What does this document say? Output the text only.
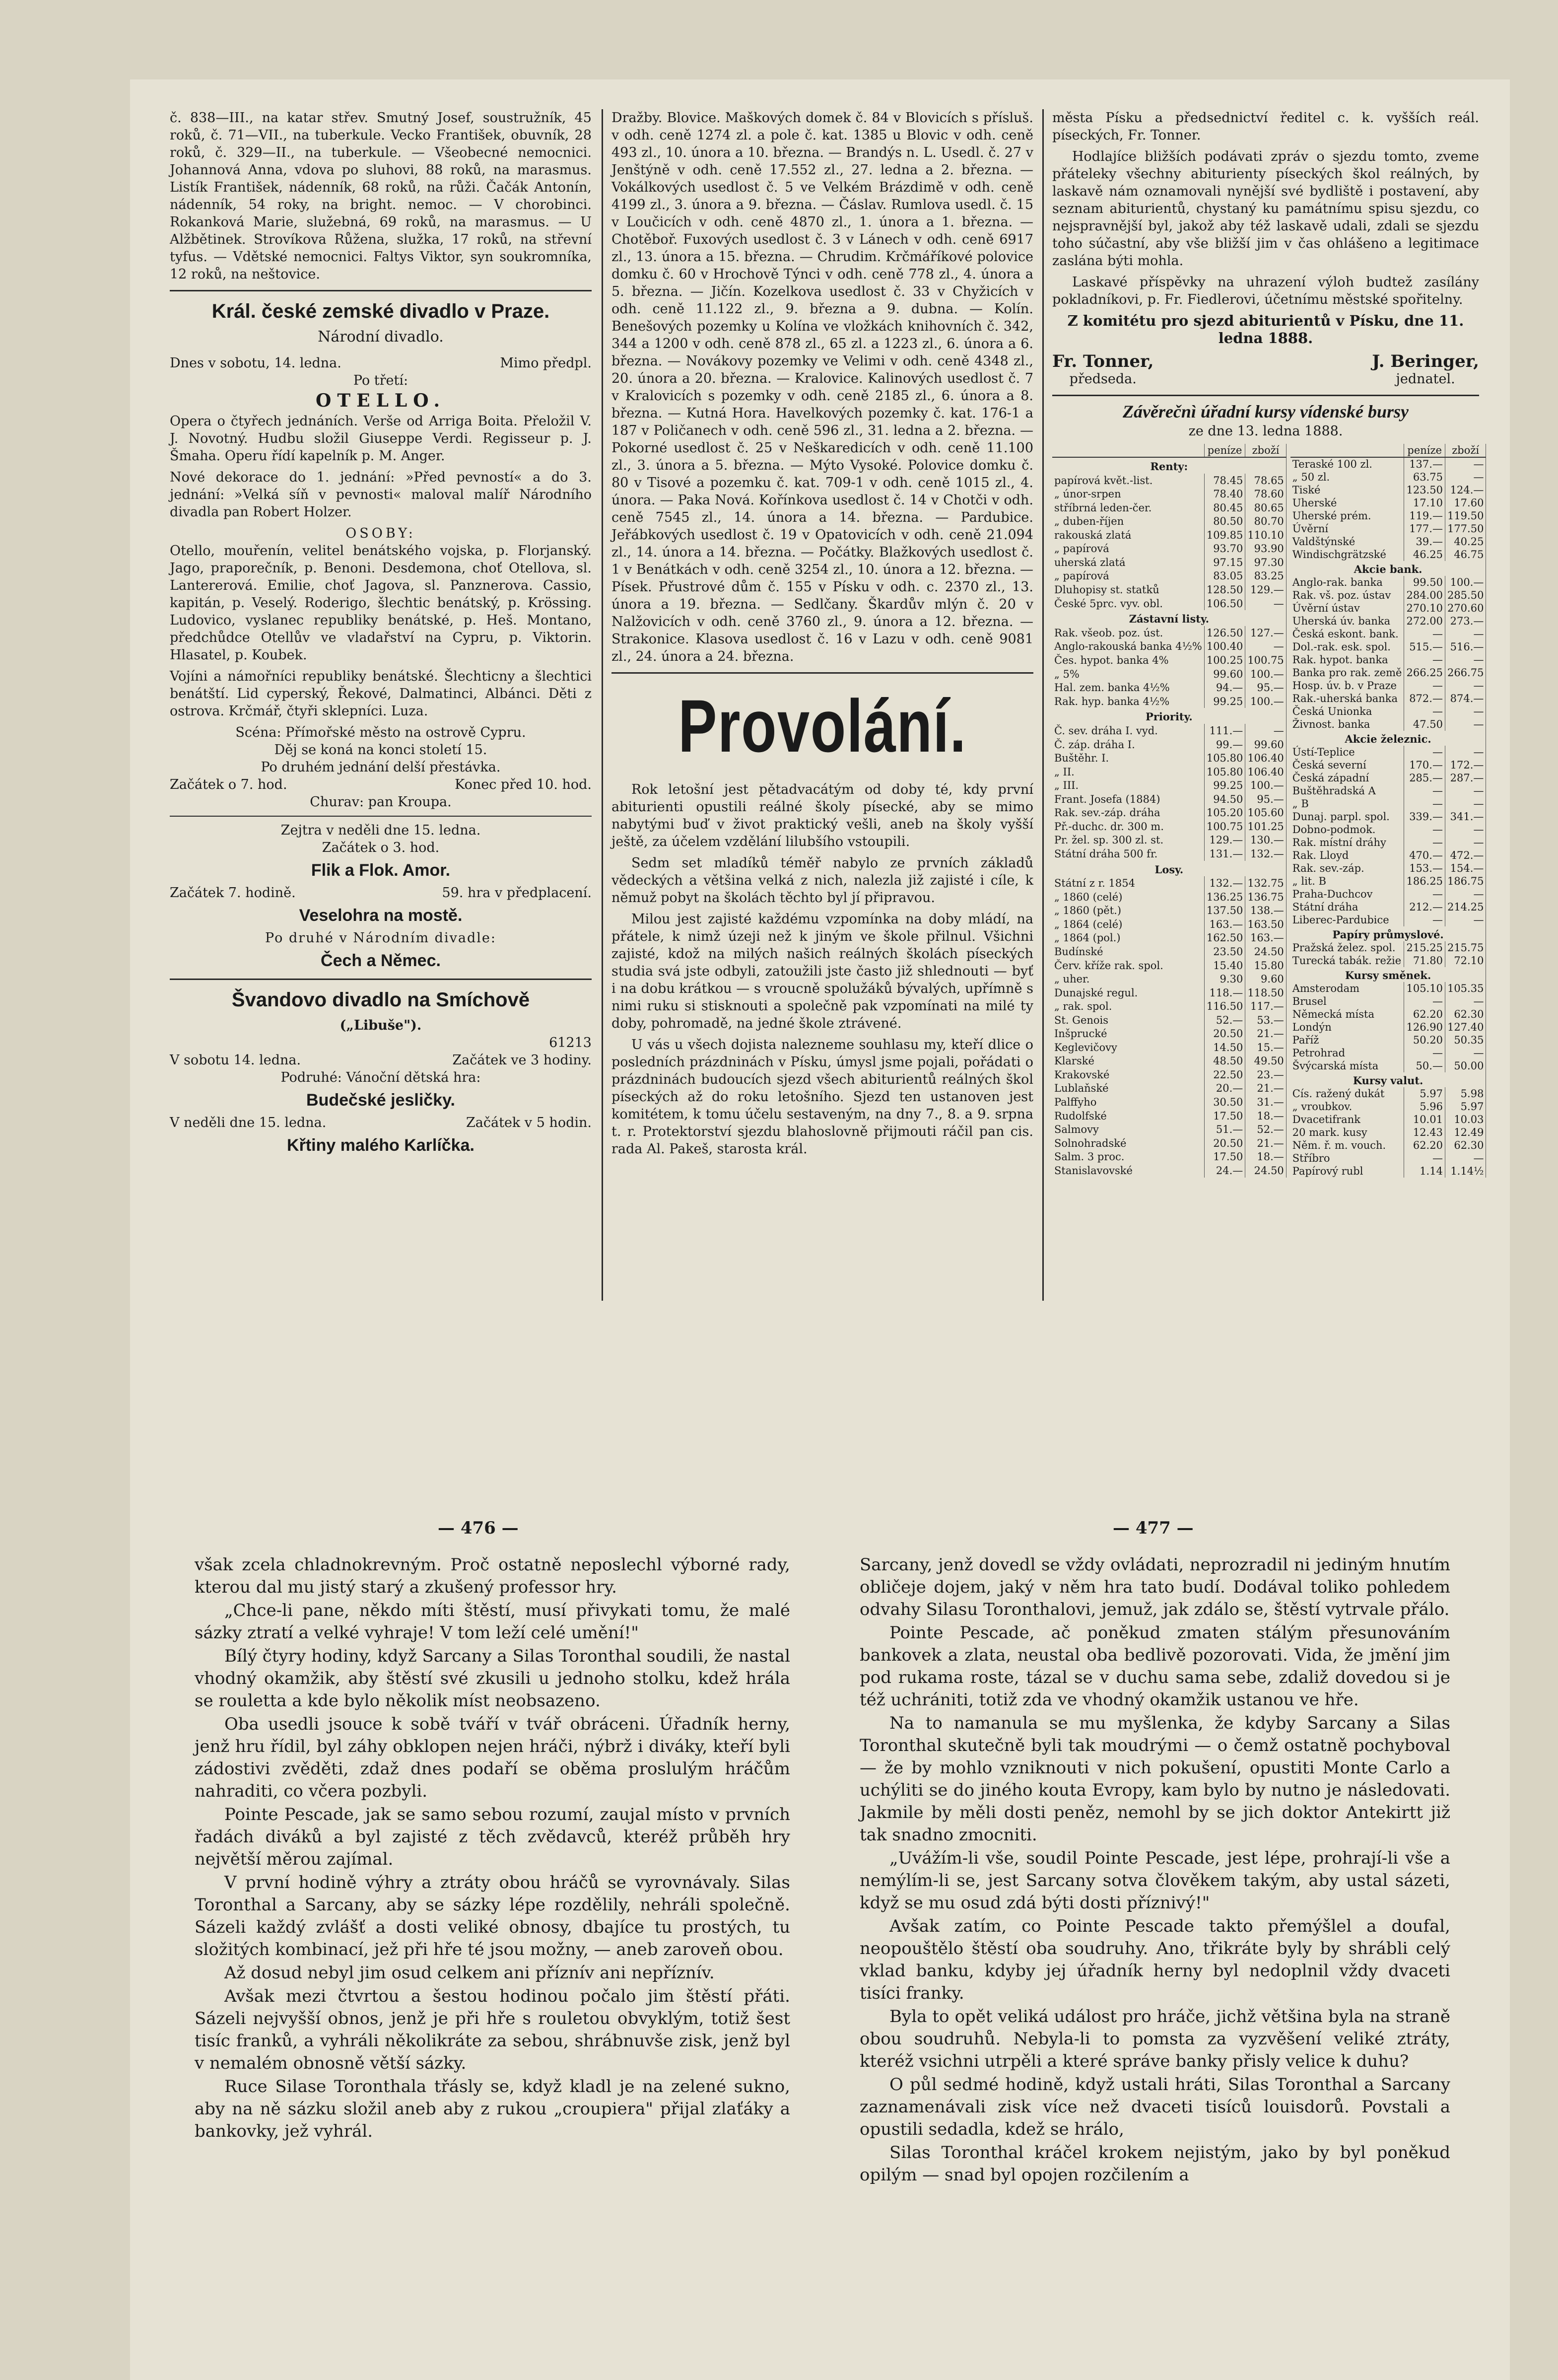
č. 838—III., na katar střev. Smutný Josef, soustružník, 45 roků, č. 71—VII., na tuberkule. Vecko František, obuvník, 28 roků, č. 329—II., na tuberkule. — Všeobecné nemocnici. Johannová Anna, vdova po sluhovi, 88 roků, na marasmus. Listík František, nádenník, 68 roků, na růži. Čačák Antonín, nádenník, 54 roky, na bright. nemoc. — V chorobinci. Rokanková Marie, služebná, 69 roků, na marasmus. — U Alžbětinek. Strovíkova Růžena, služka, 17 roků, na střevní tyfus. — Vdětské nemocnici. Faltys Viktor, syn soukromníka, 12 roků, na neštovice.

Král. české zemské divadlo v Praze.
Národní divadlo.
Dnes v sobotu, 14. ledna.	Mimo předpl.
Po třetí:
OTELLO.

Opera o čtyřech jednáních. Verše od Arriga Boita. Přeložil V. J. Novotný. Hudbu složil Giuseppe Verdi. Regisseur p. J. Šmaha. Operu řídí kapelník p. M. Anger.

Nové dekorace do 1. jednání: »Před pevností« a do 3. jednání: »Velká síň v pevnosti« maloval malíř Národního divadla pan Robert Holzer.

OSOBY:

Otello, mouřenín, velitel benátského vojska, p. Florjanský. Jago, praporečník, p. Benoni. Desdemona, choť Otellova, sl. Lantererová. Emilie, choť Jagova, sl. Panznerova. Cassio, kapitán, p. Veselý. Roderigo, šlechtic benátský, p. Krössing. Ludovico, vyslanec republiky benátské, p. Heš. Montano, předchůdce Otellův ve vladařství na Cypru, p. Viktorin. Hlasatel, p. Koubek.

Vojíni a námořníci republiky benátské. Šlechticny a šlechtici benátští. Lid cyperský, Řekové, Dalmatinci, Albánci. Děti z ostrova. Krčmář, čtyři sklepníci. Luza.

Scéna: Přímořské město na ostrově Cypru.
Děj se koná na konci století 15.
Po druhém jednání delší přestávka.
Začátek o 7. hod.	Konec před 10. hod.
Churav: pan Kroupa.
Zejtra v neděli dne 15. ledna.
Začátek o 3. hod.
Flik a Flok. Amor.
Začátek 7. hodině.	59. hra v předplacení.
Veselohra na mostě.
Po druhé v Národním divadle:
Čech a Němec.
Švandovo divadlo na Smíchově
(„Libuše").
61213
V sobotu 14. ledna.	Začátek ve 3 hodiny.
Podruhé: Vánoční dětská hra:
Budečské jesličky.
V neděli dne 15. ledna.	Začátek v 5 hodin.
Křtiny malého Karlíčka.

Dražby. Blovice. Maškových domek č. 84 v Blovicích s přísluš. v odh. ceně 1274 zl. a pole č. kat. 1385 u Blovic v odh. ceně 493 zl., 10. února a 10. března. — Brandýs n. L. Usedl. č. 27 v Jenštýně v odh. ceně 17.552 zl., 27. ledna a 2. března. — Vokálkových usedlost č. 5 ve Velkém Brázdimě v odh. ceně 4199 zl., 3. února a 9. března. — Čáslav. Rumlova usedl. č. 15 v Loučicích v odh. ceně 4870 zl., 1. února a 1. března. — Chotěboř. Fuxových usedlost č. 3 v Lánech v odh. ceně 6917 zl., 13. února a 15. března. — Chrudim. Krčmáříkové polovice domku č. 60 v Hrochově Týnci v odh. ceně 778 zl., 4. února a 5. března. — Jičín. Kozelkova usedlost č. 33 v Chyžicích v odh. ceně 11.122 zl., 9. března a 9. dubna. — Kolín. Benešových pozemky u Kolína ve vložkách knihovních č. 342, 344 a 1200 v odh. ceně 878 zl., 65 zl. a 1223 zl., 6. února a 6. března. — Novákovy pozemky ve Velimi v odh. ceně 4348 zl., 20. února a 20. března. — Kralovice. Kalinových usedlost č. 7 v Kralovicích s pozemky v odh. ceně 2185 zl., 6. února a 8. března. — Kutná Hora. Havelkových pozemky č. kat. 176-1 a 187 v Poličanech v odh. ceně 596 zl., 31. ledna a 2. března. — Pokorné usedlost č. 25 v Neškaredicích v odh. ceně 11.100 zl., 3. února a 5. března. — Mýto Vysoké. Polovice domku č. 80 v Tisové a pozemku č. kat. 709-1 v odh. ceně 1015 zl., 4. února. — Paka Nová. Kořínkova usedlost č. 14 v Chotči v odh. ceně 7545 zl., 14. února a 14. března. — Pardubice. Jeřábkových usedlost č. 19 v Opatovicích v odh. ceně 21.094 zl., 14. února a 14. března. — Počátky. Blažkových usedlost č. 1 v Benátkách v odh. ceně 3254 zl., 10. února a 12. března. — Písek. Přustrové dům č. 155 v Písku v odh. c. 2370 zl., 13. února a 19. března. — Sedlčany. Škardův mlýn č. 20 v Nalžovicích v odh. ceně 3760 zl., 9. února a 12. března. — Strakonice. Klasova usedlost č. 16 v Lazu v odh. ceně 9081 zl., 24. února a 24. března.

Provolání.

Rok letošní jest pětadvacátým od doby té, kdy první abiturienti opustili reálné školy písecké, aby se mimo nabytými buď v život praktický vešli, aneb na školy vyšší ještě, za účelem vzdělání lilubšího vstoupili.

Sedm set mladíků téměř nabylo ze prvních základů vědeckých a většina velká z nich, nalezla již zajisté i cíle, k němuž pobyt na školách těchto byl jí připravou.

Milou jest zajisté každému vzpomínka na doby mládí, na přátele, k nimž úzeji než k jiným ve škole přilnul. Všichni zajisté, kdož na milých našich reálných školách píseckých studia svá jste odbyli, zatoužili jste často již shlednouti — byť i na dobu krátkou — s vroucně spolužáků bývalých, upřímně s nimi ruku si stisknouti a společně pak vzpomínati na milé ty doby, pohromadě, na jedné škole ztrávené.

U vás u všech dojista nalezneme souhlasu my, kteří dlice o posledních prázdninách v Písku, úmysl jsme pojali, pořádati o prázdninách budoucích sjezd všech abiturientů reálných škol píseckých až do roku letošního. Sjezd ten ustanoven jest komitétem, k tomu účelu sestaveným, na dny 7., 8. a 9. srpna t. r. Protektorství sjezdu blahoslovně přijmouti ráčil pan cis. rada Al. Pakeš, starosta král.

města Písku a předsednictví ředitel c. k. vyšších reál. píseckých, Fr. Tonner.

Hodlajíce bližších podávati zpráv o sjezdu tomto, zveme přáteleky všechny abiturienty píseckých škol reálných, by laskavě nám oznamovali nynější své bydliště i postavení, aby seznam abiturientů, chystaný ku památnímu spisu sjezdu, co nejspravnější byl, jakož aby též laskavě udali, zdali se sjezdu toho súčastní, aby vše bližší jim v čas ohlášeno a legitimace zaslána býti mohla.

Laskavé příspěvky na uhrazení výloh budtež zasílány pokladníkovi, p. Fr. Fiedlerovi, účetnímu městské spořitelny.

Z komitétu pro sjezd abiturientů v Písku, dne 11. ledna 1888.
Fr. Tonner,
předseda.
J. Beringer,
jednatel.
Závěrečnì úřadní kursy vídenské bursy
ze dne 13. ledna 1888.
	peníze	zboží
Renty:		
papírová květ.-list.	78.45	78.65
„ únor-srpen	78.40	78.60
stříbrná leden-čer.	80.45	80.65
„ duben-říjen	80.50	80.70
rakouská zlatá	109.85	110.10
„ papírová	93.70	93.90
uherská zlatá	97.15	97.30
„ papírová	83.05	83.25
Dluhopisy st. statků	128.50	129.—
České 5prc. vyv. obl.	106.50	—
Zástavní listy.		
Rak. všeob. poz. úst.	126.50	127.—
Anglo-rakouská banka 4½%	100.40	—
Čes. hypot. banka 4%	100.25	100.75
„ 5%	99.60	100.—
Hal. zem. banka 4½%	94.—	95.—
Rak. hyp. banka 4½%	99.25	100.—
Priority.		
Č. sev. dráha I. vyd.	111.—	—
Č. záp. dráha I.	99.—	99.60
Buštěhr. I.	105.80	106.40
„ II.	105.80	106.40
„ III.	99.25	100.—
Frant. Josefa (1884)	94.50	95.—
Rak. sev.-záp. dráha	105.20	105.60
Př.-duchc. dr. 300 m.	100.75	101.25
Pr. žel. sp. 300 zl. st.	129.—	130.—
Státní dráha 500 fr.	131.—	132.—
Losy.		
Státní z r. 1854	132.—	132.75
„ 1860 (celé)	136.25	136.75
„ 1860 (pět.)	137.50	138.—
„ 1864 (celé)	163.—	163.50
„ 1864 (pol.)	162.50	163.—
Budínské	23.50	24.50
Červ. kříže rak. spol.	15.40	15.80
„ uher.	9.30	9.60
Dunajské regul.	118.—	118.50
„ rak. spol.	116.50	117.—
St. Genois	52.—	53.—
Inšprucké	20.50	21.—
Keglevičovy	14.50	15.—
Klarské	48.50	49.50
Krakovské	22.50	23.—
Lublaňské	20.—	21.—
Palffyho	30.50	31.—
Rudolfské	17.50	18.—
Salmovy	51.—	52.—
Solnohradské	20.50	21.—
Salm. 3 proc.	17.50	18.—
Stanislavovské	24.—	24.50
	peníze	zboží
Teraské 100 zl.	137.—	—
„ 50 zl.	63.75	—
Tiské	123.50	124.—
Uherské	17.10	17.60
Uherské prém.	119.—	119.50
Úvěrní	177.—	177.50
Valdštýnské	39.—	40.25
Windischgrätzské	46.25	46.75
Akcie bank.		
Anglo-rak. banka	99.50	100.—
Rak. vš. poz. ústav	284.00	285.50
Úvěrní ústav	270.10	270.60
Uherská úv. banka	272.00	273.—
Česká eskont. bank.	—	—
Dol.-rak. esk. spol.	515.—	516.—
Rak. hypot. banka	—	—
Banka pro rak. země	266.25	266.75
Hosp. úv. b. v Praze	—	—
Rak.-uherská banka	872.—	874.—
Česká Unionka	—	—
Živnost. banka	47.50	—
Akcie železnic.		
Ústí-Teplice	—	—
Česká severní	170.—	172.—
Česká západní	285.—	287.—
Buštěhradská A	—	—
„ B	—	—
Dunaj. parpl. spol.	339.—	341.—
Dobno-podmok.	—	—
Rak. místní dráhy	—	—
Rak. Lloyd	470.—	472.—
Rak. sev.-záp.	153.—	154.—
„ lit. B	186.25	186.75
Praha-Duchcov	—	—
Státní dráha	212.—	214.25
Liberec-Pardubice	—	—
Papíry průmyslové.		
Pražská želez. spol.	215.25	215.75
Turecká tabák. režie	71.80	72.10
Kursy směnek.		
Amsterodam	105.10	105.35
Brusel	—	—
Německá místa	62.20	62.30
Londýn	126.90	127.40
Paříž	50.20	50.35
Petrohrad	—	—
Švýcarská místa	50.—	50.00
Kursy valut.		
Cís. ražený dukát	5.97	5.98
„ vroubkov.	5.96	5.97
Dvacetifrank	10.01	10.03
20 mark. kusy	12.43	12.49
Něm. ř. m. vouch.	62.20	62.30
Stříbro	—	—
Papírový rubl	1.14	1.14½
— 476 —	— 477 —

však zcela chladnokrevným. Proč ostatně neposlechl výborné rady, kterou dal mu jistý starý a zkušený professor hry.

„Chce-li pane, někdo míti štěstí, musí přivykati tomu, že malé sázky ztratí a velké vyhraje! V tom leží celé umění!"

Bílý čtyry hodiny, když Sarcany a Silas Toronthal soudili, že nastal vhodný okamžik, aby štěstí své zkusili u jednoho stolku, kdež hrála se rouletta a kde bylo několik míst neobsazeno.

Oba usedli jsouce k sobě tváří v tvář obráceni. Úřadník herny, jenž hru řídil, byl záhy obklopen nejen hráči, nýbrž i diváky, kteří byli zádostivi zvěděti, zdaž dnes podaří se oběma proslulým hráčům nahraditi, co včera pozbyli.

Pointe Pescade, jak se samo sebou rozumí, zaujal místo v prvních řadách diváků a byl zajisté z těch zvědavců, kteréž průběh hry největší měrou zajímal.

V první hodině výhry a ztráty obou hráčů se vyrovnávaly. Silas Toronthal a Sarcany, aby se sázky lépe rozdělily, nehráli společně. Sázeli každý zvlášť a dosti veliké obnosy, dbajíce tu prostých, tu složitých kombinací, jež při hře té jsou možny, — aneb zaroveň obou.

Až dosud nebyl jim osud celkem ani příznív ani nepříznív.

Avšak mezi čtvrtou a šestou hodinou počalo jim štěstí přáti. Sázeli nejvyšší obnos, jenž je při hře s rouletou obvyklým, totiž šest tisíc franků, a vyhráli několikráte za sebou, shrábnuvše zisk, jenž byl v nemalém obnosně větší sázky.

Ruce Silase Toronthala třásly se, když kladl je na zelené sukno, aby na ně sázku složil aneb aby z rukou „croupiera" přijal zlaťáky a bankovky, jež vyhrál.

Sarcany, jenž dovedl se vždy ovládati, neprozradil ni jediným hnutím obličeje dojem, jaký v něm hra tato budí. Dodával toliko pohledem odvahy Silasu Toronthalovi, jemuž, jak zdálo se, štěstí vytrvale přálo.

Pointe Pescade, ač poněkud zmaten stálým přesunováním bankovek a zlata, neustal oba bedlivě pozorovati. Vida, že jmění jim pod rukama roste, tázal se v duchu sama sebe, zdaliž dovedou si je též uchrániti, totiž zda ve vhodný okamžik ustanou ve hře.

Na to namanula se mu myšlenka, že kdyby Sarcany a Silas Toronthal skutečně byli tak moudrými — o čemž ostatně pochyboval — že by mohlo vzniknouti v nich pokušení, opustiti Monte Carlo a uchýliti se do jiného kouta Evropy, kam bylo by nutno je následovati. Jakmile by měli dosti peněz, nemohl by se jich doktor Antekirtt již tak snadno zmocniti.

„Uvážím-li vše, soudil Pointe Pescade, jest lépe, prohrají-li vše a nemýlím-li se, jest Sarcany sotva člověkem takým, aby ustal sázeti, když se mu osud zdá býti dosti příznivý!"

Avšak zatím, co Pointe Pescade takto přemýšlel a doufal, neopouštělo štěstí oba soudruhy. Ano, třikráte byly by shrábli celý vklad banku, kdyby jej úřadník herny byl nedoplnil vždy dvaceti tisíci franky.

Byla to opět veliká událost pro hráče, jichž většina byla na straně obou soudruhů. Nebyla-li to pomsta za vyzvěšení veliké ztráty, kteréž vsichni utrpěli a které správe banky přisly velice k duhu?

O půl sedmé hodině, když ustali hráti, Silas Toronthal a Sarcany zaznamenávali zisk více než dvaceti tisíců louisdorů. Povstali a opustili sedadla, kdež se hrálo,

Silas Toronthal kráčel krokem nejistým, jako by byl poněkud opilým — snad byl opojen rozčilením a
